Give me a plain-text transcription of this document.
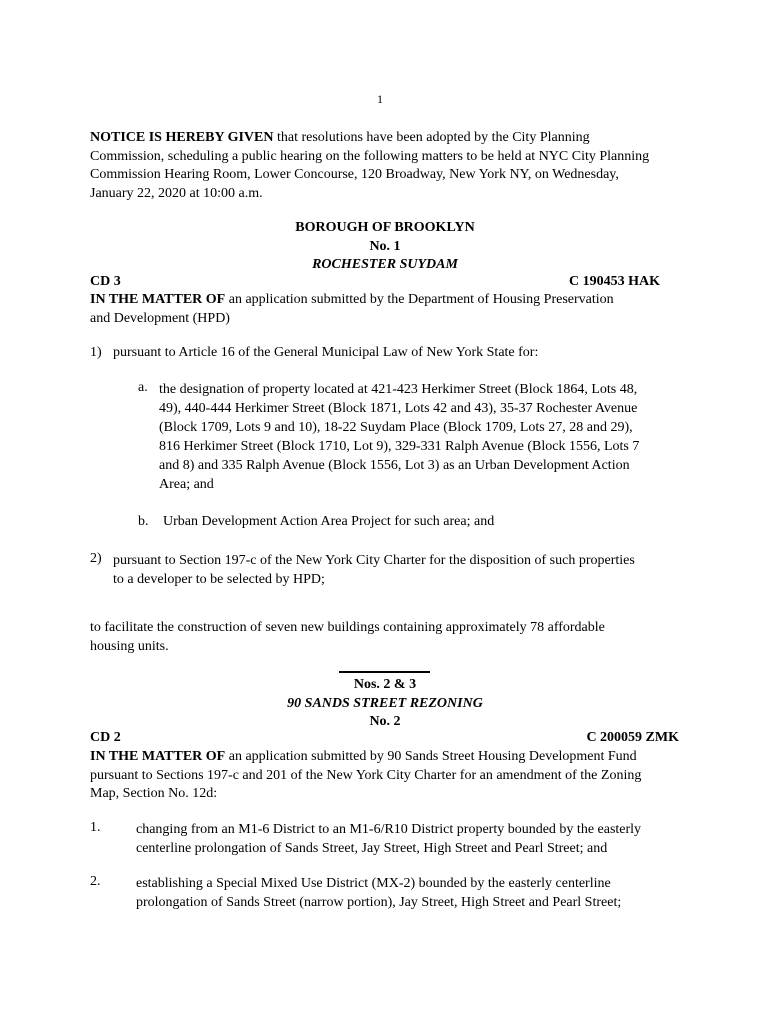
1
NOTICE IS HEREBY GIVEN that resolutions have been adopted by the City Planning
Commission, scheduling a public hearing on the following matters to be held at NYC City Planning
Commission Hearing Room, Lower Concourse, 120 Broadway, New York NY, on Wednesday,
January 22, 2020 at 10:00 a.m.
BOROUGH OF BROOKLYN
No. 1
ROCHESTER SUYDAM
CD 3	C 190453 HAK
IN THE MATTER OF an application submitted by the Department of Housing Preservation
and Development (HPD)
1) pursuant to Article 16 of the General Municipal Law of New York State for:
a. the designation of property located at 421-423 Herkimer Street (Block 1864, Lots 48,
49), 440-444 Herkimer Street (Block 1871, Lots 42 and 43), 35-37 Rochester Avenue
(Block 1709, Lots 9 and 10), 18-22 Suydam Place (Block 1709, Lots 27, 28 and 29),
816 Herkimer Street (Block 1710, Lot 9), 329-331 Ralph Avenue (Block 1556, Lots 7
and 8) and 335 Ralph Avenue (Block 1556, Lot 3) as an Urban Development Action
Area; and
b. Urban Development Action Area Project for such area; and
2) pursuant to Section 197-c of the New York City Charter for the disposition of such properties
to a developer to be selected by HPD;
to facilitate the construction of seven new buildings containing approximately 78 affordable
housing units.
Nos. 2 & 3
90 SANDS STREET REZONING
No. 2
CD 2	C 200059 ZMK
IN THE MATTER OF an application submitted by 90 Sands Street Housing Development Fund
pursuant to Sections 197-c and 201 of the New York City Charter for an amendment of the Zoning
Map, Section No. 12d:
1.	changing from an M1-6 District to an M1-6/R10 District property bounded by the easterly
centerline prolongation of Sands Street, Jay Street, High Street and Pearl Street; and
2.	establishing a Special Mixed Use District (MX-2) bounded by the easterly centerline
prolongation of Sands Street (narrow portion), Jay Street, High Street and Pearl Street;
